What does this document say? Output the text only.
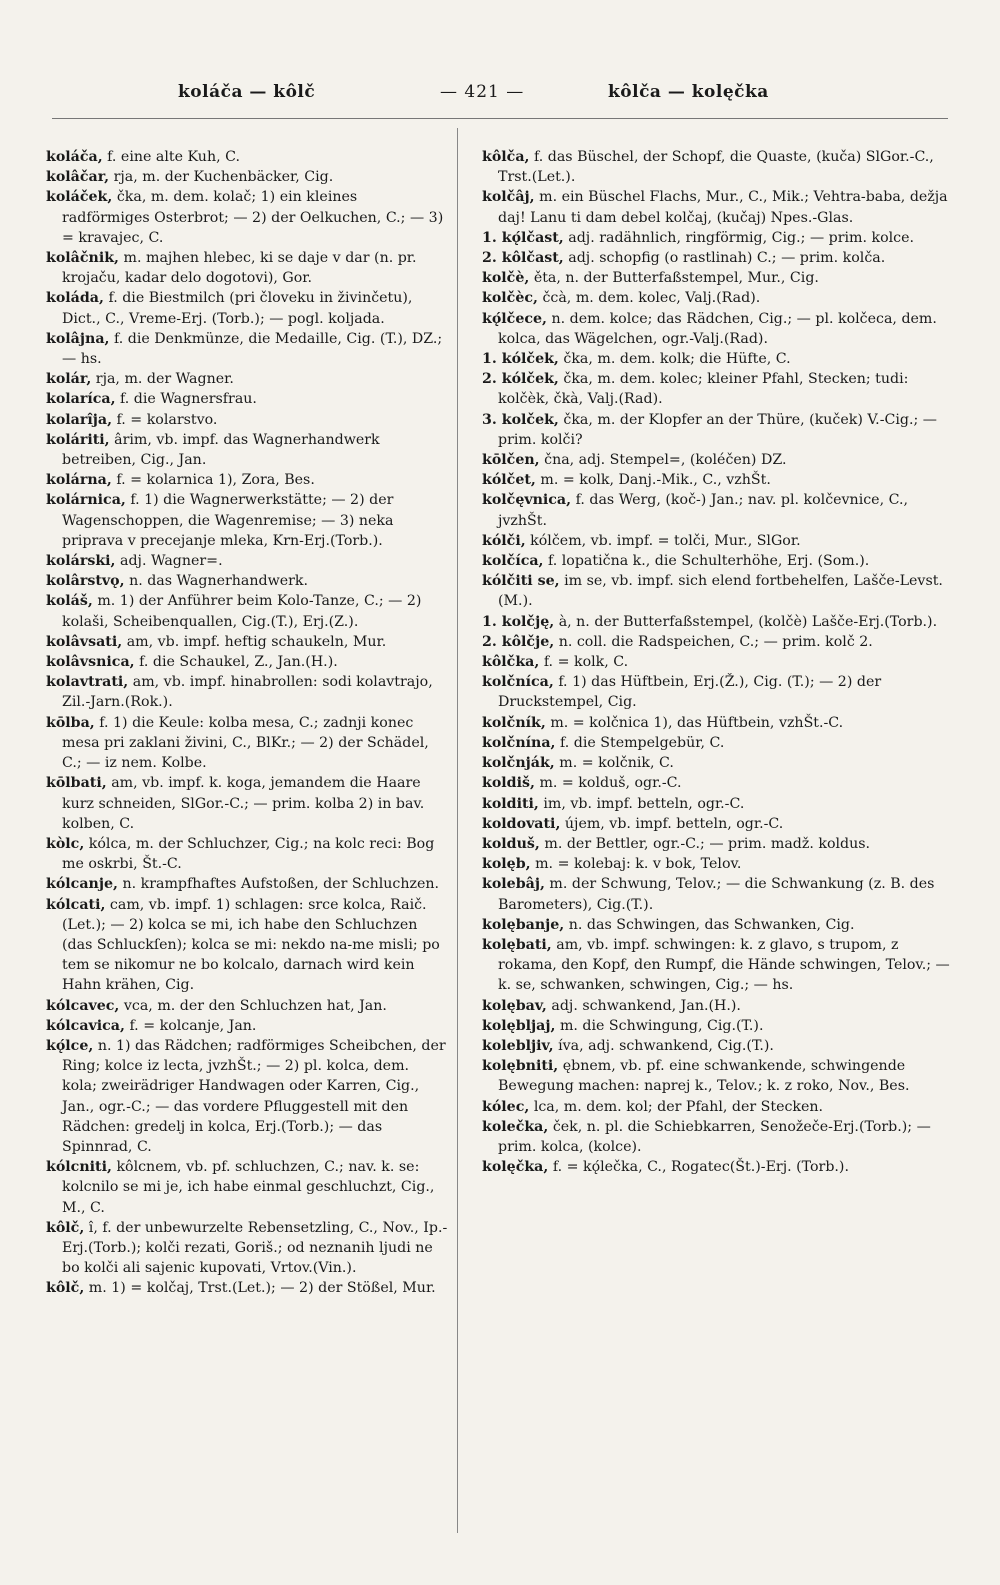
koláča — kôlč	— 421 —	kôlča — kolęčka

koláča, f. eine alte Kuh, C.

kolâčar, rja, m. der Kuchenbäcker, Cig.

koláček, čka, m. dem. kolač; 1) ein kleines radförmiges Osterbrot; — 2) der Oelkuchen, C.; — 3) = kravajec, C.

kolâčnik, m. majhen hlebec, ki se daje v dar (n. pr. krojaču, kadar delo dogotovi), Gor.

koláda, f. die Biestmilch (pri človeku in živinčetu), Dict., C., Vreme-Erj. (Torb.); — pogl. koljada.

kolâjna, f. die Denkmünze, die Medaille, Cig. (T.), DZ.; — hs.

kolár, rja, m. der Wagner.

kolaríca, f. die Wagnersfrau.

kolarîja, f. = kolarstvo.

koláriti, ârim, vb. impf. das Wagnerhandwerk betreiben, Cig., Jan.

kolárna, f. = kolarnica 1), Zora, Bes.

kolárnica, f. 1) die Wagnerwerkstätte; — 2) der Wagenschoppen, die Wagenremise; — 3) neka priprava v precejanje mleka, Krn-Erj.(Torb.).

kolárski, adj. Wagner=.

kolârstvǫ, n. das Wagnerhandwerk.

koláš, m. 1) der Anführer beim Kolo-Tanze, C.; — 2) kolaši, Scheibenquallen, Cig.(T.), Erj.(Z.).

kolâvsati, am, vb. impf. heftig schaukeln, Mur.

kolâvsnica, f. die Schaukel, Z., Jan.(H.).

kolavtrati, am, vb. impf. hinabrollen: sodi kolavtrajo, Zil.-Jarn.(Rok.).

kōlba, f. 1) die Keule: kolba mesa, C.; zadnji konec mesa pri zaklani živini, C., BlKr.; — 2) der Schädel, C.; — iz nem. Kolbe.

kōlbati, am, vb. impf. k. koga, jemandem die Haare kurz schneiden, SlGor.-C.; — prim. kolba 2) in bav. kolben, C.

kòlc, kólca, m. der Schluchzer, Cig.; na kolc reci: Bog me oskrbi, Št.-C.

kólcanje, n. krampfhaftes Aufstoßen, der Schluchzen.

kólcati, cam, vb. impf. 1) schlagen: srce kolca, Raič.(Let.); — 2) kolca se mi, ich habe den Schluchzen (das Schluckſen); kolca se mi: nekdo na-me misli; po tem se nikomur ne bo kolcalo, darnach wird kein Hahn krähen, Cig.

kólcavec, vca, m. der den Schluchzen hat, Jan.

kólcavica, f. = kolcanje, Jan.

kǫ́lce, n. 1) das Rädchen; radförmiges Scheibchen, der Ring; kolce iz lecta, jvzhŠt.; — 2) pl. kolca, dem. kola; zweirädriger Handwagen oder Karren, Cig., Jan., ogr.-C.; — das vordere Pfluggestell mit den Rädchen: gredelj in kolca, Erj.(Torb.); — das Spinnrad, C.

kólcniti, kôlcnem, vb. pf. schluchzen, C.; nav. k. se: kolcnilo se mi je, ich habe einmal geschluchzt, Cig., M., C.

kôlč, î, f. der unbewurzelte Rebensetzling, C., Nov., Ip.-Erj.(Torb.); kolči rezati, Goriš.; od neznanih ljudi ne bo kolči ali sajenic kupovati, Vrtov.(Vin.).

kôlč, m. 1) = kolčaj, Trst.(Let.); — 2) der Stößel, Mur.

kôlča, f. das Büschel, der Schopf, die Quaste, (kuča) SlGor.-C., Trst.(Let.).

kolčâj, m. ein Büschel Flachs, Mur., C., Mik.; Vehtra-baba, dežja daj! Lanu ti dam debel kolčaj, (kučaj) Npes.-Glas.

1. kǫ́lčast, adj. radähnlich, ringförmig, Cig.; — prim. kolce.

2. kôlčast, adj. schopfig (o rastlinah) C.; — prim. kolča.

kolčè, ěta, n. der Butterfaßstempel, Mur., Cig.

kolčèc, čcà, m. dem. kolec, Valj.(Rad).

kǫ́lčece, n. dem. kolce; das Rädchen, Cig.; — pl. kolčeca, dem. kolca, das Wägelchen, ogr.-Valj.(Rad).

1. kólček, čka, m. dem. kolk; die Hüfte, C.

2. kólček, čka, m. dem. kolec; kleiner Pfahl, Stecken; tudi: kolčèk, čkà, Valj.(Rad).

3. kolček, čka, m. der Klopfer an der Thüre, (kuček) V.-Cig.; — prim. kolči?

kōlčen, čna, adj. Stempel=, (koléčen) DZ.

kólčet, m. = kolk, Danj.-Mik., C., vzhŠt.

kolčęvnica, f. das Werg, (koč-) Jan.; nav. pl. kolčevnice, C., jvzhŠt.

kólči, kólčem, vb. impf. = tolči, Mur., SlGor.

kolčíca, f. lopatična k., die Schulterhöhe, Erj. (Som.).

kólčiti se, im se, vb. impf. sich elend fortbehelfen, Lašče-Levst.(M.).

1. kolčję, à, n. der Butterfaßstempel, (kolčè) Lašče-Erj.(Torb.).

2. kôlčje, n. coll. die Radspeichen, C.; — prim. kolč 2.

kôlčka, f. = kolk, C.

kolčníca, f. 1) das Hüftbein, Erj.(Ž.), Cig. (T.); — 2) der Druckstempel, Cig.

kolčník, m. = kolčnica 1), das Hüftbein, vzhŠt.-C.

kolčnína, f. die Stempelgebür, C.

kolčnják, m. = kolčnik, C.

koldiš, m. = kolduš, ogr.-C.

kolditi, im, vb. impf. betteln, ogr.-C.

koldovati, újem, vb. impf. betteln, ogr.-C.

kolduš, m. der Bettler, ogr.-C.; — prim. madž. koldus.

kolęb, m. = kolebaj: k. v bok, Telov.

kolebâj, m. der Schwung, Telov.; — die Schwankung (z. B. des Barometers), Cig.(T.).

kolębanje, n. das Schwingen, das Schwanken, Cig.

kolębati, am, vb. impf. schwingen: k. z glavo, s trupom, z rokama, den Kopf, den Rumpf, die Hände schwingen, Telov.; — k. se, schwanken, schwingen, Cig.; — hs.

kolębav, adj. schwankend, Jan.(H.).

kolębljaj, m. die Schwingung, Cig.(T.).

kolebljiv, íva, adj. schwankend, Cig.(T.).

kolębniti, ębnem, vb. pf. eine schwankende, schwingende Bewegung machen: naprej k., Telov.; k. z roko, Nov., Bes.

kólec, lca, m. dem. kol; der Pfahl, der Stecken.

kolečka, ček, n. pl. die Schiebkarren, Senožeče-Erj.(Torb.); — prim. kolca, (kolce).

kolęčka, f. = kǫ́lečka, C., Rogatec(Št.)-Erj. (Torb.).
